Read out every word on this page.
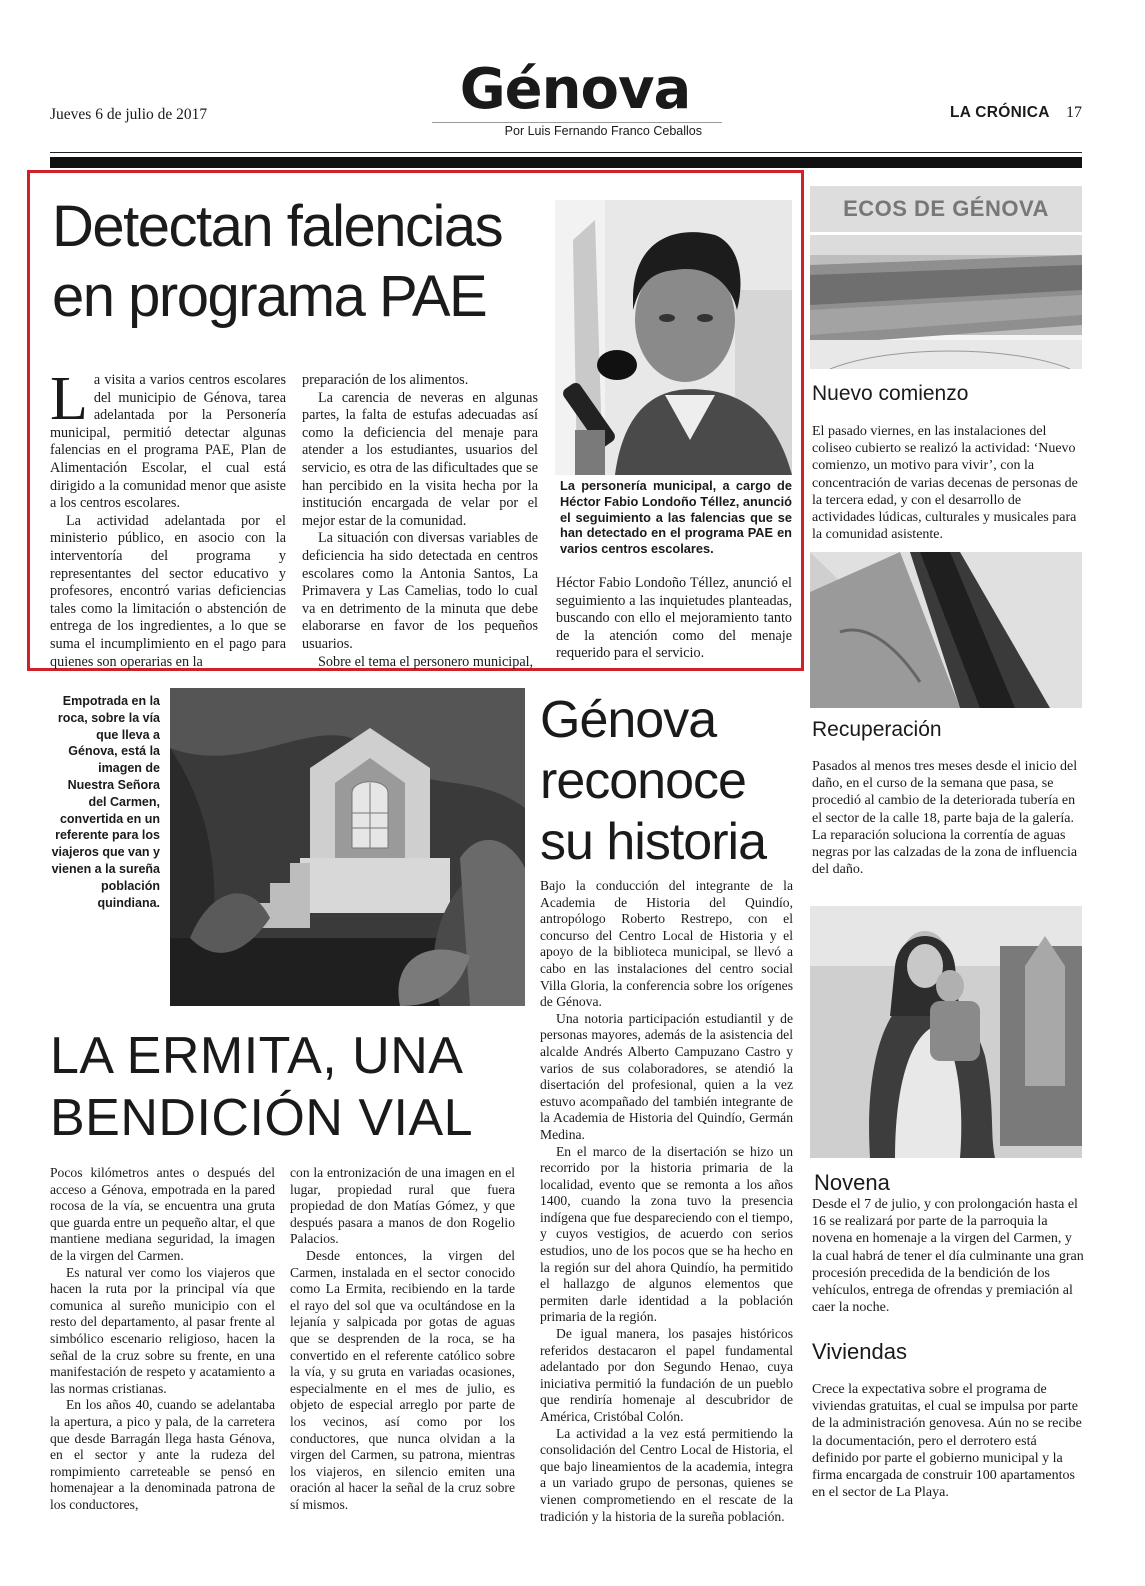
Jueves 6 de julio de 2017	Génova
Por Luis Fernando Franco Ceballos
LA CRÓNICA 17
Detectan falencias
en programa PAE

La visita a varios centros escolares del municipio de Génova, tarea adelantada por la Personería municipal, permitió detectar algunas falencias en el programa PAE, Plan de Alimentación Escolar, el cual está dirigido a la comunidad menor que asiste a los centros escolares.

La actividad adelantada por el ministerio público, en asocio con la interventoría del programa y representantes del sector educativo y profesores, encontró varias deficiencias tales como la limitación o abstención de entrega de los ingredientes, a lo que se suma el incumplimiento en el pago para quienes son operarias en la

preparación de los alimentos.

La carencia de neveras en algunas partes, la falta de estufas adecuadas así como la deficiencia del menaje para atender a los estudiantes, usuarios del servicio, es otra de las dificultades que se han percibido en la visita hecha por la institución encargada de velar por el mejor estar de la comunidad.

La situación con diversas variables de deficiencia ha sido detectada en centros escolares como la Antonia Santos, La Primavera y Las Camelias, todo lo cual va en detrimento de la minuta que debe elaborarse en favor de los pequeños usuarios.

Sobre el tema el personero municipal,

La personería municipal, a cargo de Héctor Fabio Londoño Téllez, anunció el seguimiento a las falencias que se han detectado en el programa PAE en varios centros escolares.

Héctor Fabio Londoño Téllez, anunció el seguimiento a las inquietudes planteadas, buscando con ello el mejoramiento tanto de la atención como del menaje requerido para el servicio.

Empotrada en la roca, sobre la vía que lleva a Génova, está la imagen de Nuestra Señora del Carmen, convertida en un referente para los viajeros que van y vienen a la sureña población quindiana.
Génova
reconoce
su historia

Bajo la conducción del integrante de la Academia de Historia del Quindío, antropólogo Roberto Restrepo, con el concurso del Centro Local de Historia y el apoyo de la biblioteca municipal, se llevó a cabo en las instalaciones del centro social Villa Gloria, la conferencia sobre los orígenes de Génova.

Una notoria participación estudiantil y de personas mayores, además de la asistencia del alcalde Andrés Alberto Campuzano Castro y varios de sus colaboradores, se atendió la disertación del profesional, quien a la vez estuvo acompañado del también integrante de la Academia de Historia del Quindío, Germán Medina.

En el marco de la disertación se hizo un recorrido por la historia primaria de la localidad, evento que se remonta a los años 1400, cuando la zona tuvo la presencia indígena que fue despareciendo con el tiempo, y cuyos vestigios, de acuerdo con serios estudios, uno de los pocos que se ha hecho en la región sur del ahora Quindío, ha permitido el hallazgo de algunos elementos que permiten darle identidad a la población primaria de la región.

De igual manera, los pasajes históricos referidos destacaron el papel fundamental adelantado por don Segundo Henao, cuya iniciativa permitió la fundación de un pueblo que rendiría homenaje al descubridor de América, Cristóbal Colón.

La actividad a la vez está permitiendo la consolidación del Centro Local de Historia, el que bajo lineamientos de la academia, integra a un variado grupo de personas, quienes se vienen comprometiendo en el rescate de la tradición y la historia de la sureña población.

LA ERMITA, UNA
BENDICIÓN VIAL

Pocos kilómetros antes o después del acceso a Génova, empotrada en la pared rocosa de la vía, se encuentra una gruta que guarda entre un pequeño altar, el que mantiene mediana seguridad, la imagen de la virgen del Carmen.

Es natural ver como los viajeros que hacen la ruta por la principal vía que comunica al sureño municipio con el resto del departamento, al pasar frente al simbólico escenario religioso, hacen la señal de la cruz sobre su frente, en una manifestación de respeto y acatamiento a las normas cristianas.

En los años 40, cuando se adelantaba la apertura, a pico y pala, de la carretera que desde Barragán llega hasta Génova, en el sector y ante la rudeza del rompimiento carreteable se pensó en homenajear a la denominada patrona de los conductores,

con la entronización de una imagen en el lugar, propiedad rural que fuera propiedad de don Matías Gómez, y que después pasara a manos de don Rogelio Palacios.

Desde entonces, la virgen del Carmen, instalada en el sector conocido como La Ermita, recibiendo en la tarde el rayo del sol que va ocultándose en la lejanía y salpicada por gotas de aguas que se desprenden de la roca, se ha convertido en el referente católico sobre la vía, y su gruta en variadas ocasiones, especialmente en el mes de julio, es objeto de especial arreglo por parte de los vecinos, así como por los conductores, que nunca olvidan a la virgen del Carmen, su patrona, mientras los viajeros, en silencio emiten una oración al hacer la señal de la cruz sobre sí mismos.

ECOS DE GÉNOVA
Nuevo comienzo
El pasado viernes, en las instalaciones del coliseo cubierto se realizó la actividad: ‘Nuevo comienzo, un motivo para vivir’, con la concentración de varias decenas de personas de la tercera edad, y con el desarrollo de actividades lúdicas, culturales y musicales para la comunidad asistente.
Recuperación
Pasados al menos tres meses desde el inicio del daño, en el curso de la semana que pasa, se procedió al cambio de la deteriorada tubería en el sector de la calle 18, parte baja de la galería. La reparación soluciona la correntía de aguas negras por las calzadas de la zona de influencia del daño.
Novena
Desde el 7 de julio, y con prolongación hasta el 16 se realizará por parte de la parroquia la novena en homenaje a la virgen del Carmen, y la cual habrá de tener el día culminante una gran procesión precedida de la bendición de los vehículos, entrega de ofrendas y premiación al caer la noche.
Viviendas
Crece la expectativa sobre el programa de viviendas gratuitas, el cual se impulsa por parte de la administración genovesa. Aún no se recibe la documentación, pero el derrotero está definido por parte el gobierno municipal y la firma encargada de construir 100 apartamentos en el sector de La Playa.
